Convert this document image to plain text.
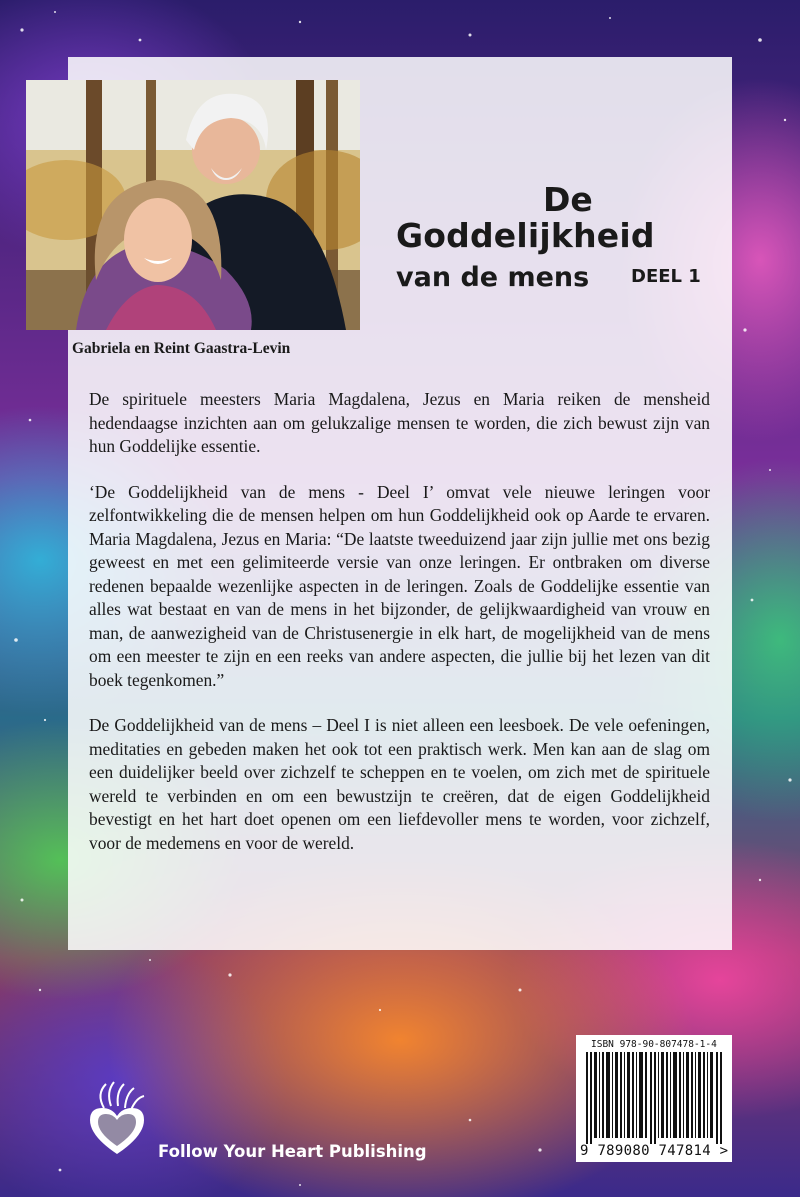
Gabriela en Reint Gaastra-Levin

De
Goddelijkheid
van de mens DEEL 1

De spirituele meesters Maria Magdalena, Jezus en Maria reiken de mensheid hedendaagse inzichten aan om gelukzalige mensen te worden, die zich bewust zijn van hun Goddelijke essentie.

‘De Goddelijkheid van de mens - Deel I’ omvat vele nieuwe leringen voor zelfontwikkeling die de mensen helpen om hun Goddelijkheid ook op Aarde te ervaren. Maria Magdalena, Jezus en Maria: “De laatste tweeduizend jaar zijn jullie met ons bezig geweest en met een gelimiteerde versie van onze leringen. Er ontbraken om diverse redenen bepaalde wezenlijke aspecten in de leringen. Zoals de Goddelijke essentie van alles wat bestaat en van de mens in het bijzonder, de gelijkwaardigheid van vrouw en man, de aanwezigheid van de Christusenergie in elk hart, de mogelijkheid van de mens om een meester te zijn en een reeks van andere aspecten, die jullie bij het lezen van dit boek tegenkomen.”

De Goddelijkheid van de mens – Deel I is niet alleen een leesboek. De vele oefeningen, meditaties en gebeden maken het ook tot een praktisch werk. Men kan aan de slag om een duidelijker beeld over zichzelf te scheppen en te voelen, om zich met de spirituele wereld te verbinden en om een bewustzijn te creëren, dat de eigen Goddelijkheid bevestigt en het hart doet openen om een liefdevoller mens te worden, voor zichzelf, voor de medemens en voor de wereld.

ISBN 978-90-807478-1-4

9 789080 747814 >

Follow Your Heart Publishing
